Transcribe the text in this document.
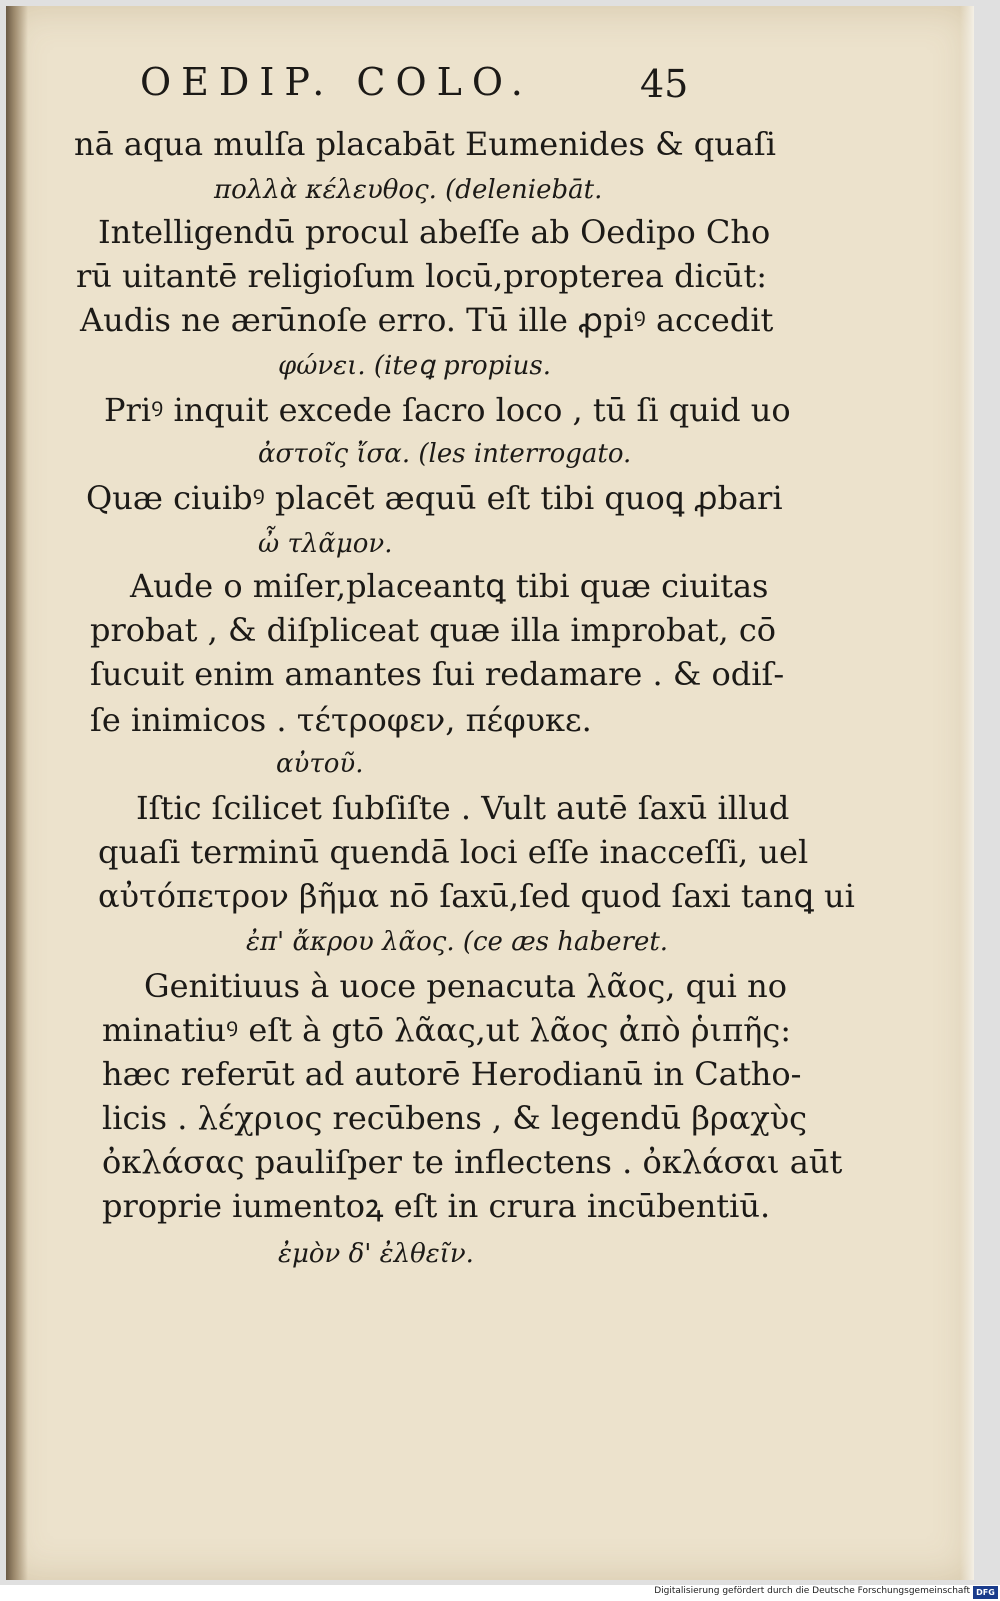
OEDIP. COLO.	45
nā aqua mulſa placabāt Eumenides & quaſi
πολλὰ κέλευθος. (deleniebāt.
Intelligendū procul abeſſe ab Oedipo Cho
rū uitantē religioſum locū,propterea dicūt:
Audis ne ærūnoſe erro. Tū ille ꝓpiꝰ accedit
φώνει. (iteꝗ propius.
Priꝰ inquit excede ſacro loco , tū ſi quid uo
ἀστοῖς ἴσα. (les interrogato.
Quæ ciuibꝰ placēt æquū eſt tibi quoꝗ ꝓbari
ὦ τλᾶμον.
Aude o miſer,placeantꝗ tibi quæ ciuitas
probat , & diſpliceat quæ illa improbat, cō
ſucuit enim amantes ſui redamare . & odiſ-
ſe inimicos . τέτροφεν, πέφυκε.
αὐτοῦ.
Iſtic ſcilicet ſubſiſte . Vult autē ſaxū illud
quaſi terminū quendā loci eſſe inacceſſi, uel
αὐτόπετρον βῆμα nō ſaxū,ſed quod ſaxi tanꝗ ui
ἐπ' ἄκρου λᾶος. (ce æs haberet.
Genitiuus à uoce penacuta λᾶος, qui no
minatiuꝰ eſt à gtō λᾶας,ut λᾶος ἀπὸ ῥιπῆς:
hæc referūt ad autorē Herodianū in Catho-
licis . λέχριος recūbens , & legendū βραχὺς
ὀκλάσας pauliſper te inflectens . ὀκλάσαι aūt
proprie iumentoꝝ eſt in crura incūbentiū.
ἐμὸν δ' ἐλθεῖν.
Digitalisierung gefördert durch die Deutsche Forschungsgemeinschaft DFG
